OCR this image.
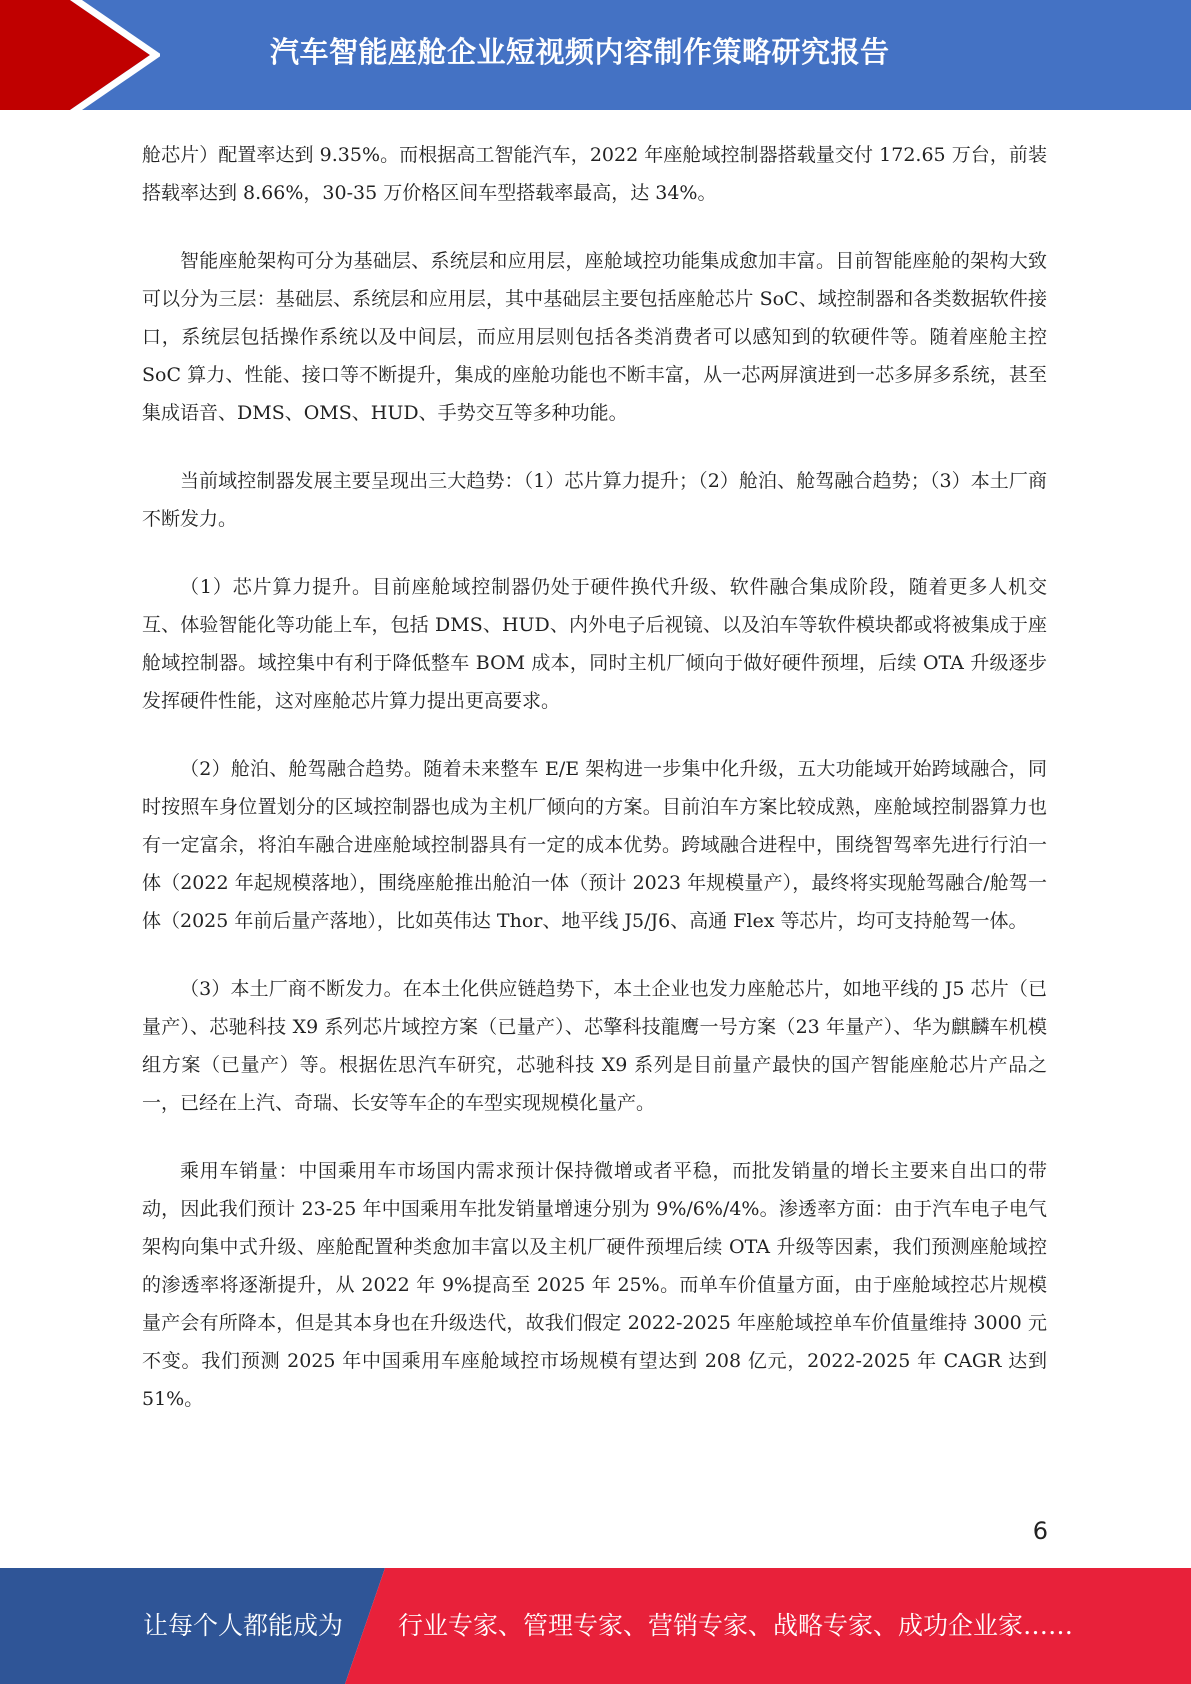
汽车智能座舱企业短视频内容制作策略研究报告

舱芯片）配置率达到 9.35%。而根据高工智能汽车，2022 年座舱域控制器搭载量交付 172.65 万台，前装搭载率达到 8.66%，30-35 万价格区间车型搭载率最高，达 34%。

智能座舱架构可分为基础层、系统层和应用层，座舱域控功能集成愈加丰富。目前智能座舱的架构大致可以分为三层：基础层、系统层和应用层，其中基础层主要包括座舱芯片 SoC、域控制器和各类数据软件接口，系统层包括操作系统以及中间层，而应用层则包括各类消费者可以感知到的软硬件等。随着座舱主控 SoC 算力、性能、接口等不断提升，集成的座舱功能也不断丰富，从一芯两屏演进到一芯多屏多系统，甚至集成语音、DMS、OMS、HUD、手势交互等多种功能。

当前域控制器发展主要呈现出三大趋势：（1）芯片算力提升；（2）舱泊、舱驾融合趋势；（3）本土厂商不断发力。

（1）芯片算力提升。目前座舱域控制器仍处于硬件换代升级、软件融合集成阶段，随着更多人机交互、体验智能化等功能上车，包括 DMS、HUD、内外电子后视镜、以及泊车等软件模块都或将被集成于座舱域控制器。域控集中有利于降低整车 BOM 成本，同时主机厂倾向于做好硬件预埋，后续 OTA 升级逐步发挥硬件性能，这对座舱芯片算力提出更高要求。

（2）舱泊、舱驾融合趋势。随着未来整车 E/E 架构进一步集中化升级，五大功能域开始跨域融合，同时按照车身位置划分的区域控制器也成为主机厂倾向的方案。目前泊车方案比较成熟，座舱域控制器算力也有一定富余，将泊车融合进座舱域控制器具有一定的成本优势。跨域融合进程中，围绕智驾率先进行行泊一体（2022 年起规模落地），围绕座舱推出舱泊一体（预计 2023 年规模量产），最终将实现舱驾融合/舱驾一体（2025 年前后量产落地），比如英伟达 Thor、地平线 J5/J6、高通 Flex 等芯片，均可支持舱驾一体。

（3）本土厂商不断发力。在本土化供应链趋势下，本土企业也发力座舱芯片，如地平线的 J5 芯片（已量产）、芯驰科技 X9 系列芯片域控方案（已量产）、芯擎科技龍鹰一号方案（23 年量产）、华为麒麟车机模组方案（已量产）等。根据佐思汽车研究，芯驰科技 X9 系列是目前量产最快的国产智能座舱芯片产品之一，已经在上汽、奇瑞、长安等车企的车型实现规模化量产。

乘用车销量：中国乘用车市场国内需求预计保持微增或者平稳，而批发销量的增长主要来自出口的带动，因此我们预计 23-25 年中国乘用车批发销量增速分别为 9%/6%/4%。渗透率方面：由于汽车电子电气架构向集中式升级、座舱配置种类愈加丰富以及主机厂硬件预埋后续 OTA 升级等因素，我们预测座舱域控的渗透率将逐渐提升，从 2022 年 9%提高至 2025 年 25%。而单车价值量方面，由于座舱域控芯片规模量产会有所降本，但是其本身也在升级迭代，故我们假定 2022-2025 年座舱域控单车价值量维持 3000 元不变。我们预测 2025 年中国乘用车座舱域控市场规模有望达到 208 亿元，2022-2025 年 CAGR 达到 51%。

6
让每个人都能成为 行业专家、管理专家、营销专家、战略专家、成功企业家……
